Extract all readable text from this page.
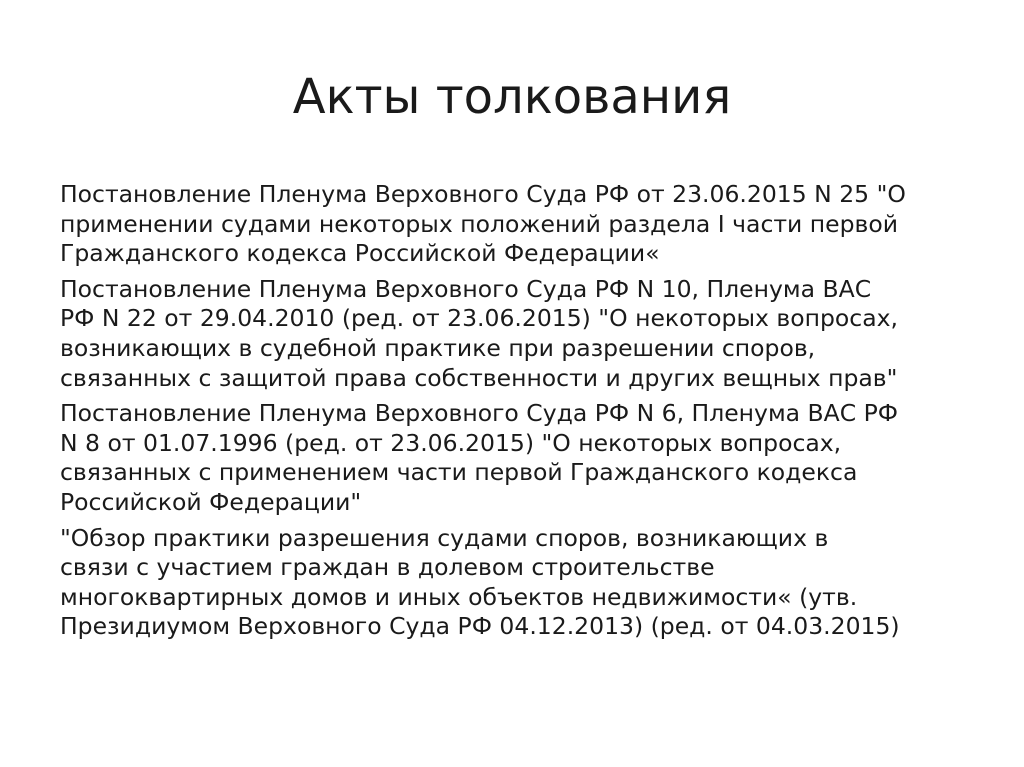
Акты толкования
Постановление Пленума Верховного Суда РФ от 23.06.2015 N 25 "О
применении судами некоторых положений раздела I части первой
Гражданского кодекса Российской Федерации«
Постановление Пленума Верховного Суда РФ N 10, Пленума ВАС
РФ N 22 от 29.04.2010 (ред. от 23.06.2015) "О некоторых вопросах,
возникающих в судебной практике при разрешении споров,
связанных с защитой права собственности и других вещных прав"
Постановление Пленума Верховного Суда РФ N 6, Пленума ВАС РФ
N 8 от 01.07.1996 (ред. от 23.06.2015) "О некоторых вопросах,
связанных с применением части первой Гражданского кодекса
Российской Федерации"
"Обзор практики разрешения судами споров, возникающих в
связи с участием граждан в долевом строительстве
многоквартирных домов и иных объектов недвижимости« (утв.
Президиумом Верховного Суда РФ 04.12.2013) (ред. от 04.03.2015)
